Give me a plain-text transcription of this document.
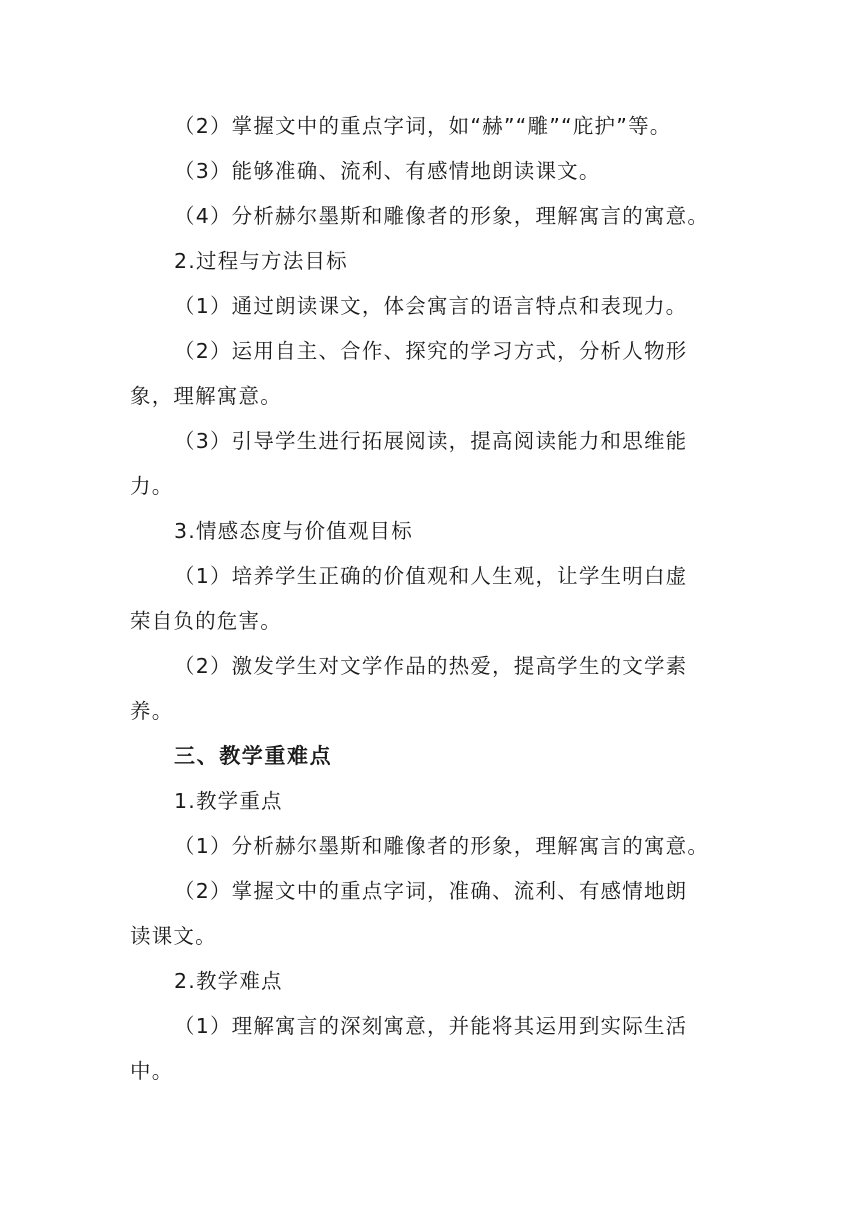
（2）掌握文中的重点字词，如“赫”“雕”“庇护”等。
（3）能够准确、流利、有感情地朗读课文。
（4）分析赫尔墨斯和雕像者的形象，理解寓言的寓意。
2.过程与方法目标
（1）通过朗读课文，体会寓言的语言特点和表现力。
（2）运用自主、合作、探究的学习方式，分析人物形
象，理解寓意。
（3）引导学生进行拓展阅读，提高阅读能力和思维能
力。
3.情感态度与价值观目标
（1）培养学生正确的价值观和人生观，让学生明白虚
荣自负的危害。
（2）激发学生对文学作品的热爱，提高学生的文学素
养。
三、教学重难点
1.教学重点
（1）分析赫尔墨斯和雕像者的形象，理解寓言的寓意。
（2）掌握文中的重点字词，准确、流利、有感情地朗
读课文。
2.教学难点
（1）理解寓言的深刻寓意，并能将其运用到实际生活
中。
